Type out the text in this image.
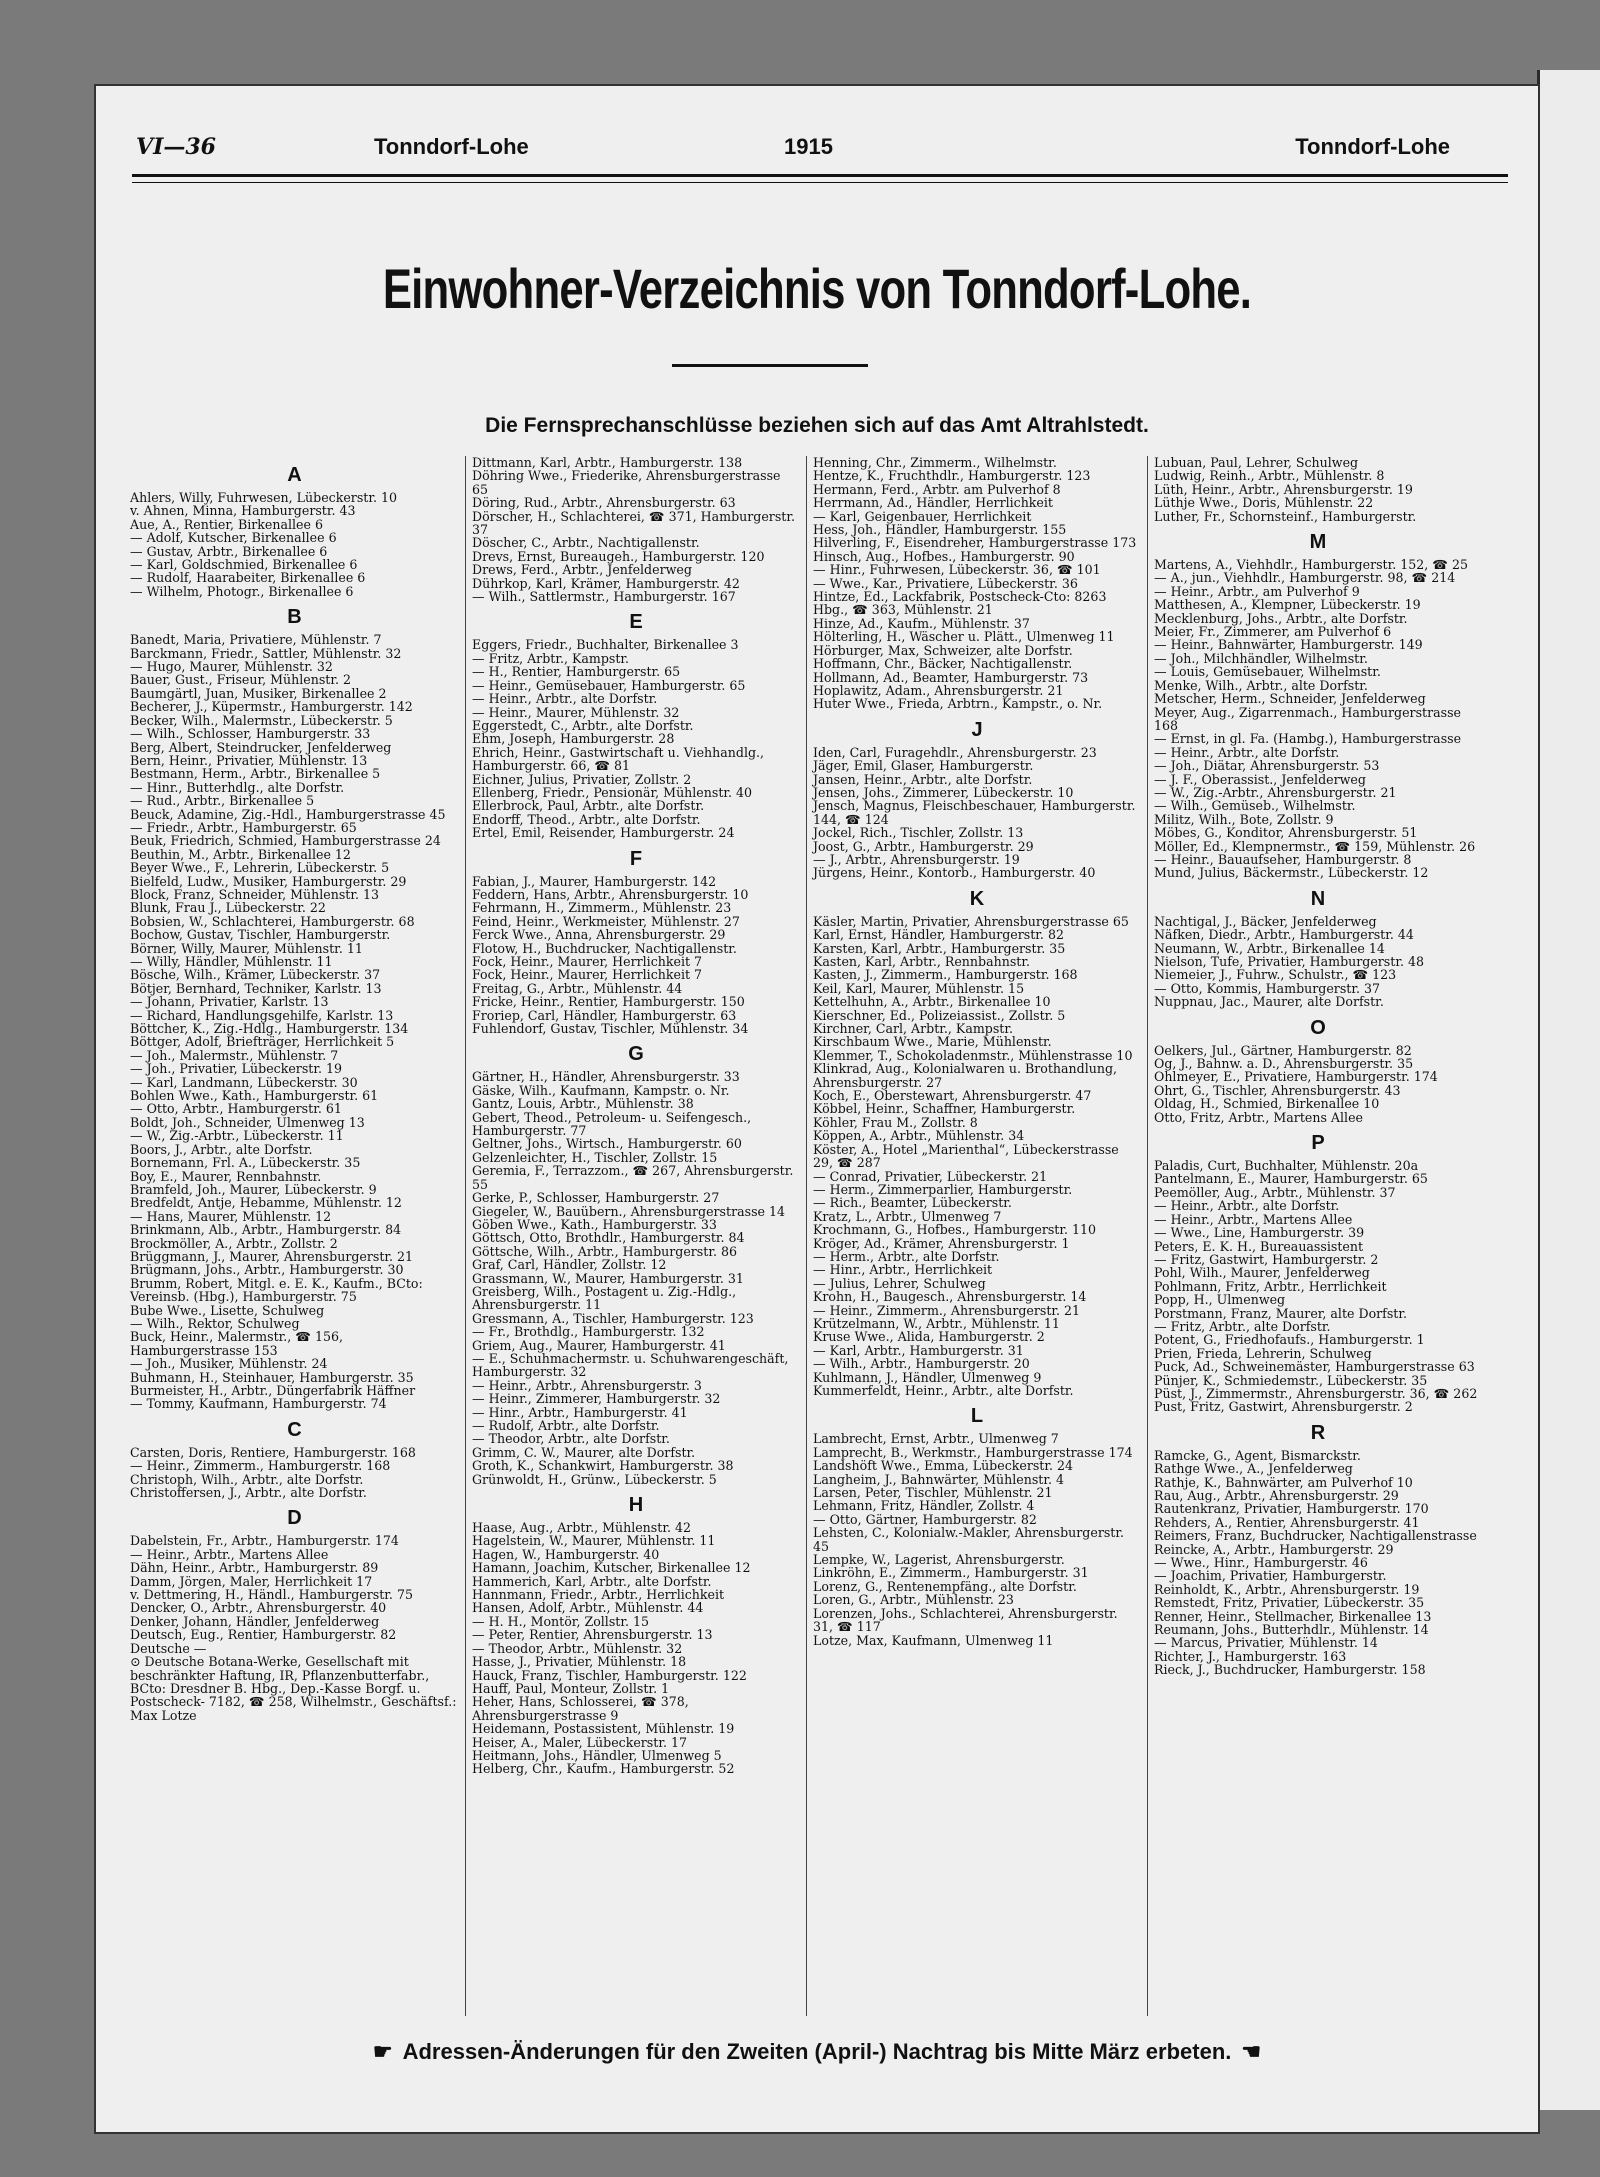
VI—36	Tonndorf-Lohe	1915	Tonndorf-Lohe
Einwohner-Verzeichnis von Tonndorf-Lohe.
Die Fernsprechanschlüsse beziehen sich auf das Amt Altrahlstedt.
A
Ahlers, Willy, Fuhrwesen, Lübeckerstr. 10
v. Ahnen, Minna, Hamburgerstr. 43
Aue, A., Rentier, Birkenallee 6
— Adolf, Kutscher, Birkenallee 6
— Gustav, Arbtr., Birkenallee 6
— Karl, Goldschmied, Birkenallee 6
— Rudolf, Haarabeiter, Birkenallee 6
— Wilhelm, Photogr., Birkenallee 6
B
Banedt, Maria, Privatiere, Mühlenstr. 7
Barckmann, Friedr., Sattler, Mühlenstr. 32
— Hugo, Maurer, Mühlenstr. 32
Bauer, Gust., Friseur, Mühlenstr. 2
Baumgärtl, Juan, Musiker, Birkenallee 2
Becherer, J., Küpermstr., Hamburgerstr. 142
Becker, Wilh., Malermstr., Lübeckerstr. 5
— Wilh., Schlosser, Hamburgerstr. 33
Berg, Albert, Steindrucker, Jenfelderweg
Bern, Heinr., Privatier, Mühlenstr. 13
Bestmann, Herm., Arbtr., Birkenallee 5
— Hinr., Butterhdlg., alte Dorfstr.
— Rud., Arbtr., Birkenallee 5
Beuck, Adamine, Zig.-Hdl., Hamburgerstrasse 45
— Friedr., Arbtr., Hamburgerstr. 65
Beuk, Friedrich, Schmied, Hamburgerstrasse 24
Beuthin, M., Arbtr., Birkenallee 12
Beyer Wwe., F., Lehrerin, Lübeckerstr. 5
Bielfeld, Ludw., Musiker, Hamburgerstr. 29
Block, Franz, Schneider, Mühlenstr. 13
Blunk, Frau J., Lübeckerstr. 22
Bobsien, W., Schlachterei, Hamburgerstr. 68
Bochow, Gustav, Tischler, Hamburgerstr.
Börner, Willy, Maurer, Mühlenstr. 11
— Willy, Händler, Mühlenstr. 11
Bösche, Wilh., Krämer, Lübeckerstr. 37
Bötjer, Bernhard, Techniker, Karlstr. 13
— Johann, Privatier, Karlstr. 13
— Richard, Handlungsgehilfe, Karlstr. 13
Böttcher, K., Zig.-Hdlg., Hamburgerstr. 134
Böttger, Adolf, Briefträger, Herrlichkeit 5
— Joh., Malermstr., Mühlenstr. 7
— Joh., Privatier, Lübeckerstr. 19
— Karl, Landmann, Lübeckerstr. 30
Bohlen Wwe., Kath., Hamburgerstr. 61
— Otto, Arbtr., Hamburgerstr. 61
Boldt, Joh., Schneider, Ulmenweg 13
— W., Zig.-Arbtr., Lübeckerstr. 11
Boors, J., Arbtr., alte Dorfstr.
Bornemann, Frl. A., Lübeckerstr. 35
Boy, E., Maurer, Rennbahnstr.
Bramfeld, Joh., Maurer, Lübeckerstr. 9
Bredfeldt, Antje, Hebamme, Mühlenstr. 12
— Hans, Maurer, Mühlenstr. 12
Brinkmann, Alb., Arbtr., Hamburgerstr. 84
Brockmöller, A., Arbtr., Zollstr. 2
Brüggmann, J., Maurer, Ahrensburgerstr. 21
Brügmann, Johs., Arbtr., Hamburgerstr. 30
Brumm, Robert, Mitgl. e. E. K., Kaufm., BCto: Vereinsb. (Hbg.), Hamburgerstr. 75
Bube Wwe., Lisette, Schulweg
— Wilh., Rektor, Schulweg
Buck, Heinr., Malermstr., ☎ 156, Hamburgerstrasse 153
— Joh., Musiker, Mühlenstr. 24
Buhmann, H., Steinhauer, Hamburgerstr. 35
Burmeister, H., Arbtr., Düngerfabrik Häffner
— Tommy, Kaufmann, Hamburgerstr. 74
C
Carsten, Doris, Rentiere, Hamburgerstr. 168
— Heinr., Zimmerm., Hamburgerstr. 168
Christoph, Wilh., Arbtr., alte Dorfstr.
Christoffersen, J., Arbtr., alte Dorfstr.
D
Dabelstein, Fr., Arbtr., Hamburgerstr. 174
— Heinr., Arbtr., Martens Allee
Dähn, Heinr., Arbtr., Hamburgerstr. 89
Damm, Jörgen, Maler, Herrlichkeit 17
v. Dettmering, H., Händl., Hamburgerstr. 75
Dencker, O., Arbtr., Ahrensburgerstr. 40
Denker, Johann, Händler, Jenfelderweg
Deutsch, Eug., Rentier, Hamburgerstr. 82
Deutsche —
⊙ Deutsche Botana-Werke, Gesellschaft mit beschränkter Haftung, IR, Pflanzenbutterfabr., BCto: Dresdner B. Hbg., Dep.-Kasse Borgf. u. Postscheck- 7182, ☎ 258, Wilhelmstr., Geschäftsf.: Max Lotze
Dittmann, Karl, Arbtr., Hamburgerstr. 138
Döhring Wwe., Friederike, Ahrensburgerstrasse 65
Döring, Rud., Arbtr., Ahrensburgerstr. 63
Dörscher, H., Schlachterei, ☎ 371, Hamburgerstr. 37
Döscher, C., Arbtr., Nachtigallenstr.
Drevs, Ernst, Bureaugeh., Hamburgerstr. 120
Drews, Ferd., Arbtr., Jenfelderweg
Dührkop, Karl, Krämer, Hamburgerstr. 42
— Wilh., Sattlermstr., Hamburgerstr. 167
E
Eggers, Friedr., Buchhalter, Birkenallee 3
— Fritz, Arbtr., Kampstr.
— H., Rentier, Hamburgerstr. 65
— Heinr., Gemüsebauer, Hamburgerstr. 65
— Heinr., Arbtr., alte Dorfstr.
— Heinr., Maurer, Mühlenstr. 32
Eggerstedt, C., Arbtr., alte Dorfstr.
Ehm, Joseph, Hamburgerstr. 28
Ehrich, Heinr., Gastwirtschaft u. Viehhandlg., Hamburgerstr. 66, ☎ 81
Eichner, Julius, Privatier, Zollstr. 2
Ellenberg, Friedr., Pensionär, Mühlenstr. 40
Ellerbrock, Paul, Arbtr., alte Dorfstr.
Endorff, Theod., Arbtr., alte Dorfstr.
Ertel, Emil, Reisender, Hamburgerstr. 24
F
Fabian, J., Maurer, Hamburgerstr. 142
Feddern, Hans, Arbtr., Ahrensburgerstr. 10
Fehrmann, H., Zimmerm., Mühlenstr. 23
Feind, Heinr., Werkmeister, Mühlenstr. 27
Ferck Wwe., Anna, Ahrensburgerstr. 29
Flotow, H., Buchdrucker, Nachtigallenstr.
Fock, Heinr., Maurer, Herrlichkeit 7
Fock, Heinr., Maurer, Herrlichkeit 7
Freitag, G., Arbtr., Mühlenstr. 44
Fricke, Heinr., Rentier, Hamburgerstr. 150
Froriep, Carl, Händler, Hamburgerstr. 63
Fuhlendorf, Gustav, Tischler, Mühlenstr. 34
G
Gärtner, H., Händler, Ahrensburgerstr. 33
Gäske, Wilh., Kaufmann, Kampstr. o. Nr.
Gantz, Louis, Arbtr., Mühlenstr. 38
Gebert, Theod., Petroleum- u. Seifengesch., Hamburgerstr. 77
Geltner, Johs., Wirtsch., Hamburgerstr. 60
Gelzenleichter, H., Tischler, Zollstr. 15
Geremia, F., Terrazzom., ☎ 267, Ahrensburgerstr. 55
Gerke, P., Schlosser, Hamburgerstr. 27
Giegeler, W., Bauübern., Ahrensburgerstrasse 14
Göben Wwe., Kath., Hamburgerstr. 33
Göttsch, Otto, Brothdlr., Hamburgerstr. 84
Göttsche, Wilh., Arbtr., Hamburgerstr. 86
Graf, Carl, Händler, Zollstr. 12
Grassmann, W., Maurer, Hamburgerstr. 31
Greisberg, Wilh., Postagent u. Zig.-Hdlg., Ahrensburgerstr. 11
Gressmann, A., Tischler, Hamburgerstr. 123
— Fr., Brothdlg., Hamburgerstr. 132
Griem, Aug., Maurer, Hamburgerstr. 41
— E., Schuhmachermstr. u. Schuhwarengeschäft, Hamburgerstr. 32
— Heinr., Arbtr., Ahrensburgerstr. 3
— Heinr., Zimmerer, Hamburgerstr. 32
— Hinr., Arbtr., Hamburgerstr. 41
— Rudolf, Arbtr., alte Dorfstr.
— Theodor, Arbtr., alte Dorfstr.
Grimm, C. W., Maurer, alte Dorfstr.
Groth, K., Schankwirt, Hamburgerstr. 38
Grünwoldt, H., Grünw., Lübeckerstr. 5
H
Haase, Aug., Arbtr., Mühlenstr. 42
Hagelstein, W., Maurer, Mühlenstr. 11
Hagen, W., Hamburgerstr. 40
Hamann, Joachim, Kutscher, Birkenallee 12
Hammerich, Karl, Arbtr., alte Dorfstr.
Hannmann, Friedr., Arbtr., Herrlichkeit
Hansen, Adolf, Arbtr., Mühlenstr. 44
— H. H., Montör, Zollstr. 15
— Peter, Rentier, Ahrensburgerstr. 13
— Theodor, Arbtr., Mühlenstr. 32
Hasse, J., Privatier, Mühlenstr. 18
Hauck, Franz, Tischler, Hamburgerstr. 122
Hauff, Paul, Monteur, Zollstr. 1
Heher, Hans, Schlosserei, ☎ 378, Ahrensburgerstrasse 9
Heidemann, Postassistent, Mühlenstr. 19
Heiser, A., Maler, Lübeckerstr. 17
Heitmann, Johs., Händler, Ulmenweg 5
Helberg, Chr., Kaufm., Hamburgerstr. 52
Henning, Chr., Zimmerm., Wilhelmstr.
Hentze, K., Fruchthdlr., Hamburgerstr. 123
Hermann, Ferd., Arbtr. am Pulverhof 8
Herrmann, Ad., Händler, Herrlichkeit
— Karl, Geigenbauer, Herrlichkeit
Hess, Joh., Händler, Hamburgerstr. 155
Hilverling, F., Eisendreher, Hamburgerstrasse 173
Hinsch, Aug., Hofbes., Hamburgerstr. 90
— Hinr., Fuhrwesen, Lübeckerstr. 36, ☎ 101
— Wwe., Kar., Privatiere, Lübeckerstr. 36
Hintze, Ed., Lackfabrik, Postscheck-Cto: 8263 Hbg., ☎ 363, Mühlenstr. 21
Hinze, Ad., Kaufm., Mühlenstr. 37
Hölterling, H., Wäscher u. Plätt., Ulmenweg 11
Hörburger, Max, Schweizer, alte Dorfstr.
Hoffmann, Chr., Bäcker, Nachtigallenstr.
Hollmann, Ad., Beamter, Hamburgerstr. 73
Hoplawitz, Adam., Ahrensburgerstr. 21
Huter Wwe., Frieda, Arbtrn., Kampstr., o. Nr.
J
Iden, Carl, Furagehdlr., Ahrensburgerstr. 23
Jäger, Emil, Glaser, Hamburgerstr.
Jansen, Heinr., Arbtr., alte Dorfstr.
Jensen, Johs., Zimmerer, Lübeckerstr. 10
Jensch, Magnus, Fleischbeschauer, Hamburgerstr. 144, ☎ 124
Jockel, Rich., Tischler, Zollstr. 13
Joost, G., Arbtr., Hamburgerstr. 29
— J., Arbtr., Ahrensburgerstr. 19
Jürgens, Heinr., Kontorb., Hamburgerstr. 40
K
Käsler, Martin, Privatier, Ahrensburgerstrasse 65
Karl, Ernst, Händler, Hamburgerstr. 82
Karsten, Karl, Arbtr., Hamburgerstr. 35
Kasten, Karl, Arbtr., Rennbahnstr.
Kasten, J., Zimmerm., Hamburgerstr. 168
Keil, Karl, Maurer, Mühlenstr. 15
Kettelhuhn, A., Arbtr., Birkenallee 10
Kierschner, Ed., Polizeiassist., Zollstr. 5
Kirchner, Carl, Arbtr., Kampstr.
Kirschbaum Wwe., Marie, Mühlenstr.
Klemmer, T., Schokoladenmstr., Mühlenstrasse 10
Klinkrad, Aug., Kolonialwaren u. Brothandlung, Ahrensburgerstr. 27
Koch, E., Oberstewart, Ahrensburgerstr. 47
Köbbel, Heinr., Schaffner, Hamburgerstr.
Köhler, Frau M., Zollstr. 8
Köppen, A., Arbtr., Mühlenstr. 34
Köster, A., Hotel „Marienthal“, Lübeckerstrasse 29, ☎ 287
— Conrad, Privatier, Lübeckerstr. 21
— Herm., Zimmerparlier, Hamburgerstr.
— Rich., Beamter, Lübeckerstr.
Kratz, L., Arbtr., Ulmenweg 7
Krochmann, G., Hofbes., Hamburgerstr. 110
Kröger, Ad., Krämer, Ahrensburgerstr. 1
— Herm., Arbtr., alte Dorfstr.
— Hinr., Arbtr., Herrlichkeit
— Julius, Lehrer, Schulweg
Krohn, H., Baugesch., Ahrensburgerstr. 14
— Heinr., Zimmerm., Ahrensburgerstr. 21
Krützelmann, W., Arbtr., Mühlenstr. 11
Kruse Wwe., Alida, Hamburgerstr. 2
— Karl, Arbtr., Hamburgerstr. 31
— Wilh., Arbtr., Hamburgerstr. 20
Kuhlmann, J., Händler, Ulmenweg 9
Kummerfeldt, Heinr., Arbtr., alte Dorfstr.
L
Lambrecht, Ernst, Arbtr., Ulmenweg 7
Lamprecht, B., Werkmstr., Hamburgerstrasse 174
Landshöft Wwe., Emma, Lübeckerstr. 24
Langheim, J., Bahnwärter, Mühlenstr. 4
Larsen, Peter, Tischler, Mühlenstr. 21
Lehmann, Fritz, Händler, Zollstr. 4
— Otto, Gärtner, Hamburgerstr. 82
Lehsten, C., Kolonialw.-Makler, Ahrensburgerstr. 45
Lempke, W., Lagerist, Ahrensburgerstr.
Linkröhn, E., Zimmerm., Hamburgerstr. 31
Lorenz, G., Rentenempfäng., alte Dorfstr.
Loren, G., Arbtr., Mühlenstr. 23
Lorenzen, Johs., Schlachterei, Ahrensburgerstr. 31, ☎ 117
Lotze, Max, Kaufmann, Ulmenweg 11
Lubuan, Paul, Lehrer, Schulweg
Ludwig, Reinh., Arbtr., Mühlenstr. 8
Lüth, Heinr., Arbtr., Ahrensburgerstr. 19
Lüthje Wwe., Doris, Mühlenstr. 22
Luther, Fr., Schornsteinf., Hamburgerstr.
M
Martens, A., Viehhdlr., Hamburgerstr. 152, ☎ 25
— A., jun., Viehhdlr., Hamburgerstr. 98, ☎ 214
— Heinr., Arbtr., am Pulverhof 9
Matthesen, A., Klempner, Lübeckerstr. 19
Mecklenburg, Johs., Arbtr., alte Dorfstr.
Meier, Fr., Zimmerer, am Pulverhof 6
— Heinr., Bahnwärter, Hamburgerstr. 149
— Joh., Milchhändler, Wilhelmstr.
— Louis, Gemüsebauer, Wilhelmstr.
Menke, Wilh., Arbtr., alte Dorfstr.
Metscher, Herm., Schneider, Jenfelderweg
Meyer, Aug., Zigarrenmach., Hamburgerstrasse 168
— Ernst, in gl. Fa. (Hambg.), Hamburgerstrasse
— Heinr., Arbtr., alte Dorfstr.
— Joh., Diätar, Ahrensburgerstr. 53
— J. F., Oberassist., Jenfelderweg
— W., Zig.-Arbtr., Ahrensburgerstr. 21
— Wilh., Gemüseb., Wilhelmstr.
Militz, Wilh., Bote, Zollstr. 9
Möbes, G., Konditor, Ahrensburgerstr. 51
Möller, Ed., Klempnermstr., ☎ 159, Mühlenstr. 26
— Heinr., Bauaufseher, Hamburgerstr. 8
Mund, Julius, Bäckermstr., Lübeckerstr. 12
N
Nachtigal, J., Bäcker, Jenfelderweg
Näfken, Diedr., Arbtr., Hamburgerstr. 44
Neumann, W., Arbtr., Birkenallee 14
Nielson, Tufe, Privatier, Hamburgerstr. 48
Niemeier, J., Fuhrw., Schulstr., ☎ 123
— Otto, Kommis, Hamburgerstr. 37
Nuppnau, Jac., Maurer, alte Dorfstr.
O
Oelkers, Jul., Gärtner, Hamburgerstr. 82
Og, J., Bahnw. a. D., Ahrensburgerstr. 35
Ohlmeyer, E., Privatiere, Hamburgerstr. 174
Ohrt, G., Tischler, Ahrensburgerstr. 43
Oldag, H., Schmied, Birkenallee 10
Otto, Fritz, Arbtr., Martens Allee
P
Paladis, Curt, Buchhalter, Mühlenstr. 20a
Pantelmann, E., Maurer, Hamburgerstr. 65
Peemöller, Aug., Arbtr., Mühlenstr. 37
— Heinr., Arbtr., alte Dorfstr.
— Heinr., Arbtr., Martens Allee
— Wwe., Line, Hamburgerstr. 39
Peters, E. K. H., Bureauassistent
— Fritz, Gastwirt, Hamburgerstr. 2
Pohl, Wilh., Maurer, Jenfelderweg
Pohlmann, Fritz, Arbtr., Herrlichkeit
Popp, H., Ulmenweg
Porstmann, Franz, Maurer, alte Dorfstr.
— Fritz, Arbtr., alte Dorfstr.
Potent, G., Friedhofaufs., Hamburgerstr. 1
Prien, Frieda, Lehrerin, Schulweg
Puck, Ad., Schweinemäster, Hamburgerstrasse 63
Pünjer, K., Schmiedemstr., Lübeckerstr. 35
Püst, J., Zimmermstr., Ahrensburgerstr. 36, ☎ 262
Pust, Fritz, Gastwirt, Ahrensburgerstr. 2
R
Ramcke, G., Agent, Bismarckstr.
Rathge Wwe., A., Jenfelderweg
Rathje, K., Bahnwärter, am Pulverhof 10
Rau, Aug., Arbtr., Ahrensburgerstr. 29
Rautenkranz, Privatier, Hamburgerstr. 170
Rehders, A., Rentier, Ahrensburgerstr. 41
Reimers, Franz, Buchdrucker, Nachtigallenstrasse
Reincke, A., Arbtr., Hamburgerstr. 29
— Wwe., Hinr., Hamburgerstr. 46
— Joachim, Privatier, Hamburgerstr.
Reinholdt, K., Arbtr., Ahrensburgerstr. 19
Remstedt, Fritz, Privatier, Lübeckerstr. 35
Renner, Heinr., Stellmacher, Birkenallee 13
Reumann, Johs., Butterhdlr., Mühlenstr. 14
— Marcus, Privatier, Mühlenstr. 14
Richter, J., Hamburgerstr. 163
Rieck, J., Buchdrucker, Hamburgerstr. 158
☛ Adressen-Änderungen für den Zweiten (April-) Nachtrag bis Mitte März erbeten. ☚
